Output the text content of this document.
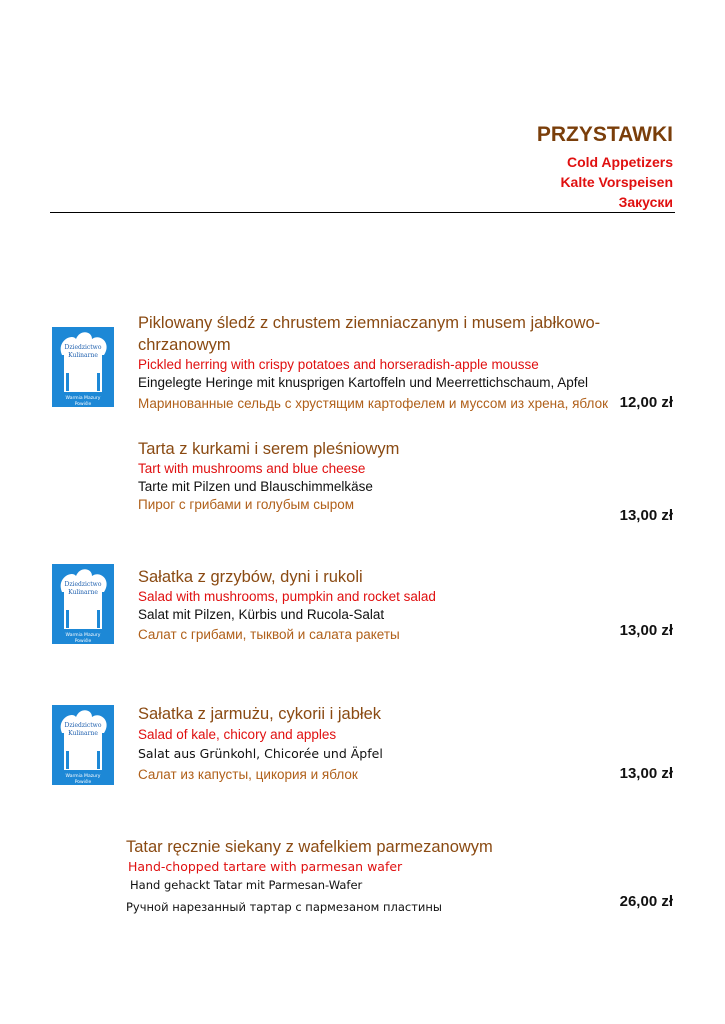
PRZYSTAWKI
Cold Appetizers
Kalte Vorspeisen
Закуски
Dziedzictwo
Kulinarne
Warmia Mazury
Powiśle
Dziedzictwo
Kulinarne
Warmia Mazury
Powiśle
Dziedzictwo
Kulinarne
Warmia Mazury
Powiśle
Piklowany śledź z chrustem ziemniaczanym i musem jabłkowo-chrzanowym
Pickled herring with crispy potatoes and horseradish-apple mousse
Eingelegte Heringe mit knusprigen Kartoffeln und Meerrettichschaum, Apfel
Маринованные сельдь с хрустящим картофелем и муссом из хрена, яблок 12,00 zł
Tarta z kurkami i serem pleśniowym
Tart with mushrooms and blue cheese
Tarte mit Pilzen und Blauschimmelkäse
Пирог с грибами и голубым сыром
13,00 zł
Sałatka z grzybów, dyni i rukoli
Salad with mushrooms, pumpkin and rocket salad
Salat mit Pilzen, Kürbis und Rucola-Salat
Салат с грибами, тыквой и салата ракеты	13,00 zł
Sałatka z jarmużu, cykorii i jabłek
Salad of kale, chicory and apples
Salat aus Grünkohl, Chicorée und Äpfel
Салат из капусты, цикория и яблок	13,00 zł
Tatar ręcznie siekany z wafelkiem parmezanowym
Hand-chopped tartare with parmesan wafer
Hand gehackt Tatar mit Parmesan-Wafer
Ручной нарезанный тартар с пармезаном пластины	26,00 zł
